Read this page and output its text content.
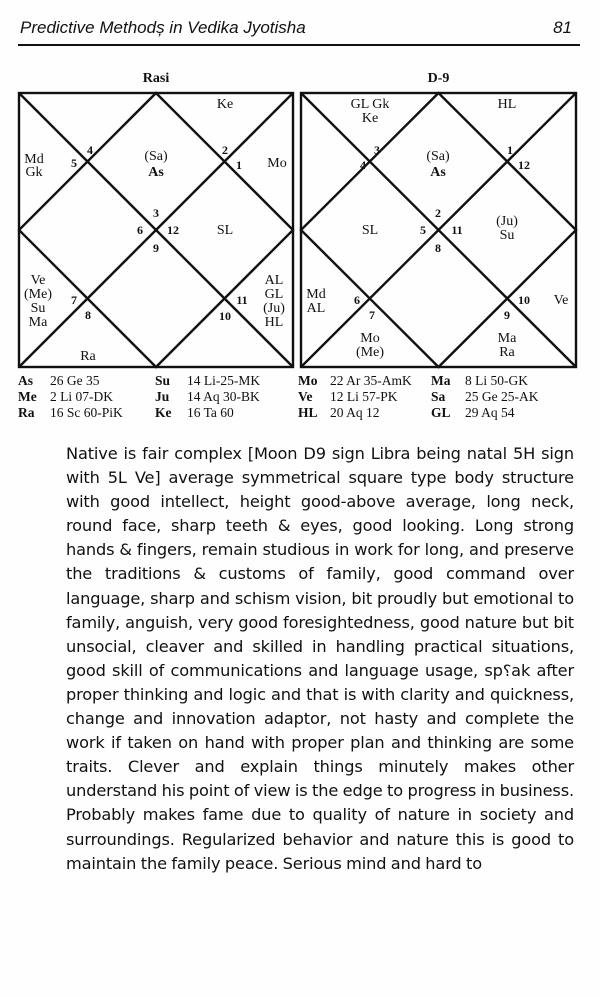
Predictive Methodș in Vedika Jyotisha	81
Rasi	D-9
(Sa)
As
Ke
Md
Gk
Ve
(Me)
Su
Ma
Ra
AL
GL
(Ju)
HL
SL
Mo
3
2
1
12
11
10
9
8
7
6
5
4	(Sa)
As
GL Gk
Ke
SL
Md
AL
Mo
(Me)
Ma
Ra
Ve
(Ju)
Su
HL
2
3
4
5
6
7
8
9
10
11
12
1
As 26 Ge 35	Su 14 Li-25-MK	Mo 22 Ar 35-AmK Ma 8 Li 50-GK
Me 2 Li 07-DK	Ju 14 Aq 30-BK	Ve 12 Li 57-PK Sa 25 Ge 25-AK
Ra 16 Sc 60-PiK Ke 16 Ta 60	HL 20 Aq 12	GL 29 Aq 54

Native is fair complex [Moon D9 sign Libra being natal 5H sign with 5L Ve] average symmetrical square type body structure with good intellect, height good-above average, long neck, round face, sharp teeth & eyes, good looking. Long strong hands & fingers, remain studious in work for long, and preserve the traditions & customs of family, good command over language, sharp and schism vision, bit proudly but emotional to family, anguish, very good foresightedness, good nature but bit unsocial, cleaver and skilled in handling practical situations, good skill of communications and language usage, sp⸮ak after proper thinking and logic and that is with clarity and quickness, change and innovation adaptor, not hasty and complete the work if taken on hand with proper plan and thinking are some traits. Clever and explain things minutely makes other understand his point of view is the edge to progress in business. Probably makes fame due to quality of nature in society and surroundings. Regularized behavior and nature this is good to maintain the family peace. Serious mind and hard to
